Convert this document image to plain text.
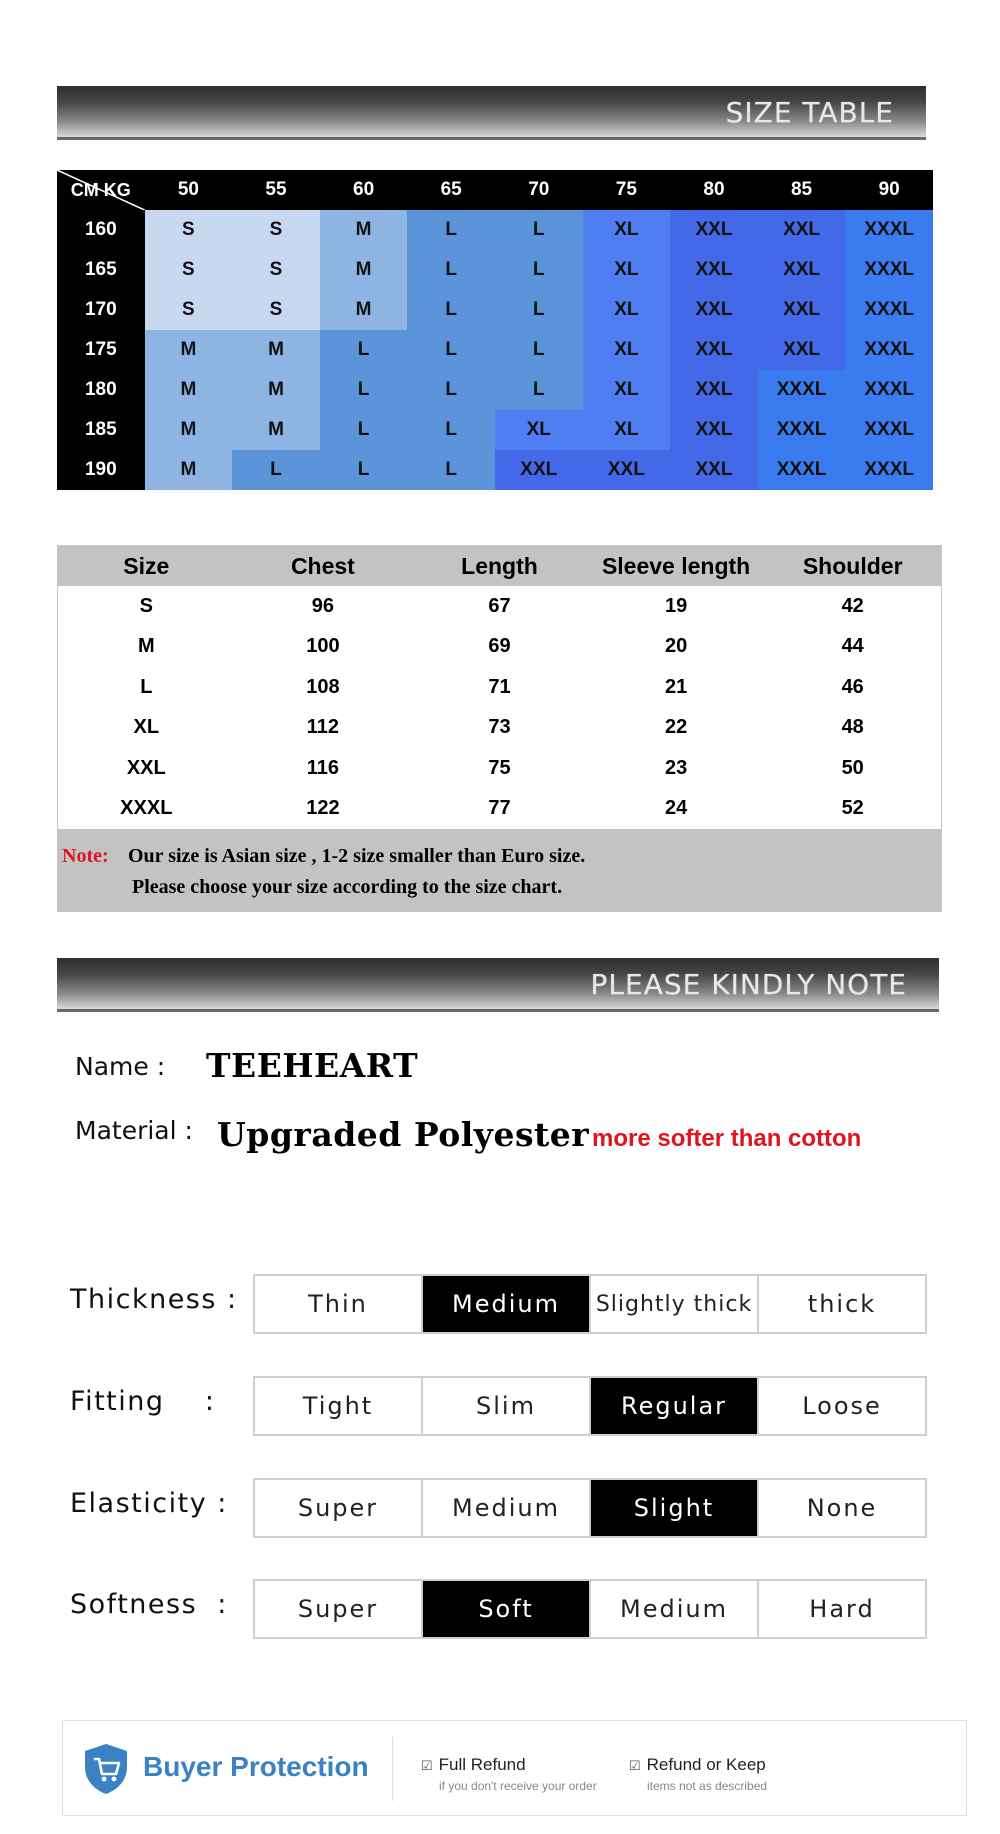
SIZE TABLE
CM KG	50	55	60	65	70	75	80	85	90
160	S	S	M	L	L	XL	XXL	XXL	XXXL
165	S	S	M	L	L	XL	XXL	XXL	XXXL
170	S	S	M	L	L	XL	XXL	XXL	XXXL
175	M	M	L	L	L	XL	XXL	XXL	XXXL
180	M	M	L	L	L	XL	XXL	XXXL	XXXL
185	M	M	L	L	XL	XL	XXL	XXXL	XXXL
190	M	L	L	L	XXL	XXL	XXL	XXXL	XXXL
Size	Chest	Length	Sleeve length	Shoulder
S	96	67	19	42
M	100	69	20	44
L	108	71	21	46
XL	112	73	22	48
XXL	116	75	23	50
XXXL	122	77	24	52
Note: Our size is Asian size , 1-2 size smaller than Euro size.
Please choose your size according to the size chart.
PLEASE KINDLY NOTE
Name : TEEHEART
Material : Upgraded Polyester more softer than cotton
Thickness :	Thin	Medium	Slightly thick	thick
Fitting    :	Tight	Slim	Regular	Loose
Elasticity :	Super	Medium	Slight	None
Softness  :	Super	Soft	Medium	Hard
Buyer Protection	☑ Full Refund
if you don't receive your order
☑ Refund or Keep
items not as described
